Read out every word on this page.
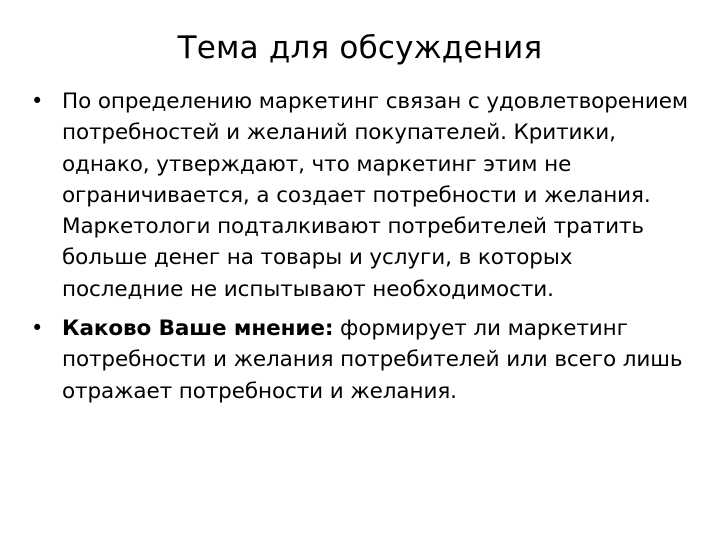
Тема для обсуждения
• По определению маркетинг связан с удовлетворением потребностей и желаний покупателей. Критики, однако, утверждают, что маркетинг этим не ограничивается, а создает потребности и желания. Маркетологи подталкивают потребителей тратить больше денег на товары и услуги, в которых последние не испытывают необходимости.
• Каково Ваше мнение: формирует ли маркетинг потребности и желания потребителей или всего лишь отражает потребности и желания.
